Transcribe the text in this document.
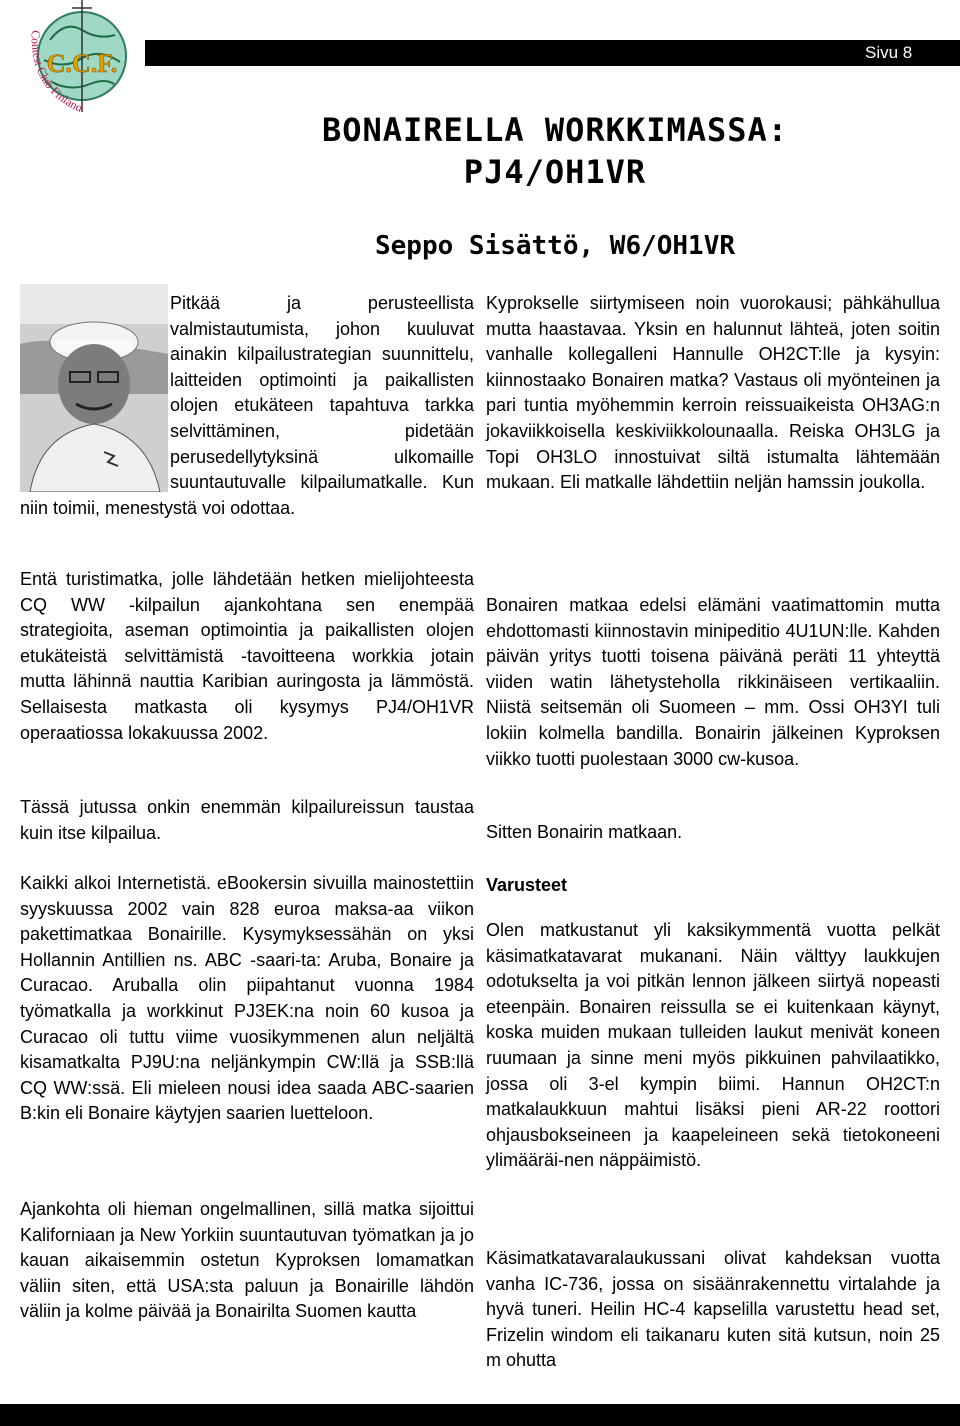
C.C.F.
Contest Club Finland
Sivu 8
BONAIRELLA WORKKIMASSA:
PJ4/OH1VR
Seppo Sisättö, W6/OH1VR

Pitkää ja perusteellista valmistautumista, johon kuuluvat ainakin kilpailustrategian suunnittelu, laitteiden optimointi ja paikallisten olojen etukäteen tapahtuva tarkka selvittäminen, pidetään perusedellytyksinä ulkomaille suuntautuvalle kilpailumatkalle. Kun niin toimii, menestystä voi odottaa.

Entä turistimatka, jolle lähdetään hetken mielijohteesta CQ WW -kilpailun ajankohtana sen enempää strategioita, aseman optimointia ja paikallisten olojen etukäteistä selvittämistä -tavoitteena workkia jotain mutta lähinnä nauttia Karibian auringosta ja lämmöstä. Sellaisesta matkasta oli kysymys PJ4/OH1VR operaatiossa lokakuussa 2002.

Tässä jutussa onkin enemmän kilpailureissun taustaa kuin itse kilpailua.

Kaikki alkoi Internetistä. eBookersin sivuilla mainostettiin syyskuussa 2002 vain 828 euroa maksa-aa viikon pakettimatkaa Bonairille. Kysymyksessähän on yksi Hollannin Antillien ns. ABC -saari-ta: Aruba, Bonaire ja Curacao. Aruballa olin piipahtanut vuonna 1984 työmatkalla ja workkinut PJ3EK:na noin 60 kusoa ja Curacao oli tuttu viime vuosikymmenen alun neljältä kisamatkalta PJ9U:na neljänkympin CW:llä ja SSB:llä CQ WW:ssä. Eli mieleen nousi idea saada ABC-saarien B:kin eli Bonaire käytyjen saarien luetteloon.

Ajankohta oli hieman ongelmallinen, sillä matka sijoittui Kaliforniaan ja New Yorkiin suuntautuvan työmatkan ja jo kauan aikaisemmin ostetun Kyproksen lomamatkan väliin siten, että USA:sta paluun ja Bonairille lähdön väliin ja kolme päivää ja Bonairilta Suomen kautta

Kyprokselle siirtymiseen noin vuorokausi; pähkähullua mutta haastavaa. Yksin en halunnut lähteä, joten soitin vanhalle kollegalleni Hannulle OH2CT:lle ja kysyin: kiinnostaako Bonairen matka? Vastaus oli myönteinen ja pari tuntia myöhemmin kerroin reissuaikeista OH3AG:n jokaviikkoisella keskiviikkolounaalla. Reiska OH3LG ja Topi OH3LO innostuivat siltä istumalta lähtemään mukaan. Eli matkalle lähdettiin neljän hamssin joukolla.

Bonairen matkaa edelsi elämäni vaatimattomin mutta ehdottomasti kiinnostavin minipeditio 4U1UN:lle. Kahden päivän yritys tuotti toisena päivänä peräti 11 yhteyttä viiden watin lähetysteholla rikkinäiseen vertikaaliin. Niistä seitsemän oli Suomeen – mm. Ossi OH3YI tuli lokiin kolmella bandilla. Bonairin jälkeinen Kyproksen viikko tuotti puolestaan 3000 cw-kusoa.

Sitten Bonairin matkaan.

Varusteet

Olen matkustanut yli kaksikymmentä vuotta pelkät käsimatkatavarat mukanani. Näin välttyy laukkujen odotukselta ja voi pitkän lennon jälkeen siirtyä nopeasti eteenpäin. Bonairen reissulla se ei kuitenkaan käynyt, koska muiden mukaan tulleiden laukut menivät koneen ruumaan ja sinne meni myös pikkuinen pahvilaatikko, jossa oli 3-el kympin biimi. Hannun OH2CT:n matkalaukkuun mahtui lisäksi pieni AR-22 roottori ohjausbokseineen ja kaapeleineen sekä tietokoneeni ylimääräi-nen näppäimistö.

Käsimatkatavaralaukussani olivat kahdeksan vuotta vanha IC-736, jossa on sisäänrakennettu virtalahde ja hyvä tuneri. Heilin HC-4 kapselilla varustettu head set, Frizelin windom eli taikanaru kuten sitä kutsun, noin 25 m ohutta
